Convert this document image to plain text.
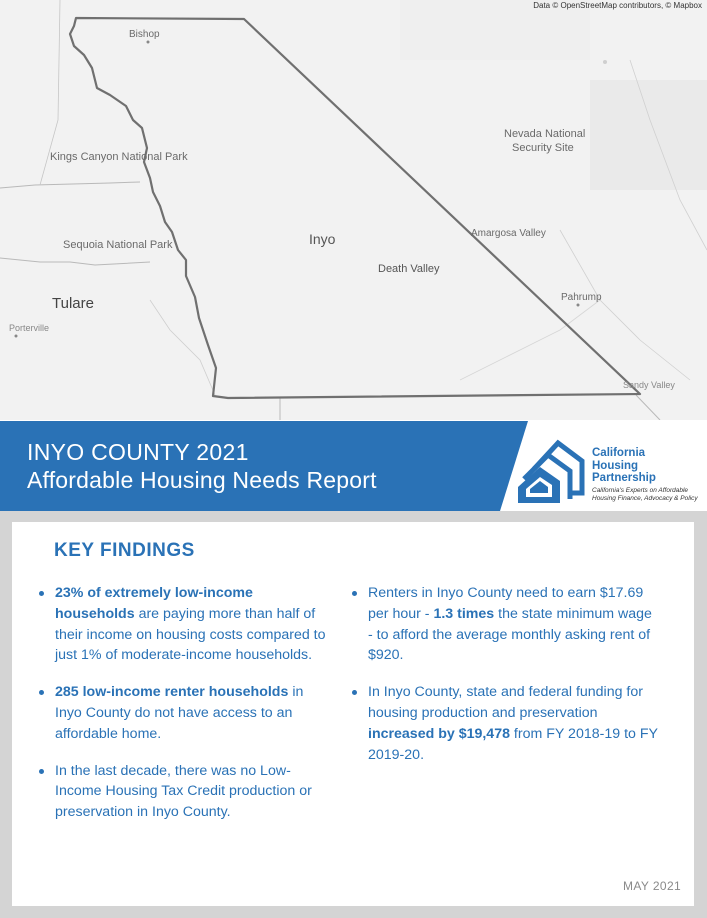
Data © OpenStreetMap contributors, © Mapbox
Bishop
Kings Canyon National Park
Nevada National
Security Site
Sequoia National Park	Inyo	Amargosa Valley
Death Valley
Tulare	Pahrump
Porterville
Sandy Valley
INYO COUNTY 2021
Affordable Housing Needs Report
California
Housing
Partnership
California's Experts on Affordable
Housing Finance, Advocacy & Policy
KEY FINDINGS
23% of extremely low-income households are paying more than half of their income on housing costs compared to just 1% of moderate-income households.
285 low-income renter households in Inyo County do not have access to an affordable home.
In the last decade, there was no Low-Income Housing Tax Credit production or preservation in Inyo County.
Renters in Inyo County need to earn $17.69 per hour - 1.3 times the state minimum wage - to afford the average monthly asking rent of $920.
In Inyo County, state and federal funding for housing production and preservation increased by $19,478 from FY 2018-19 to FY 2019-20.
MAY 2021
